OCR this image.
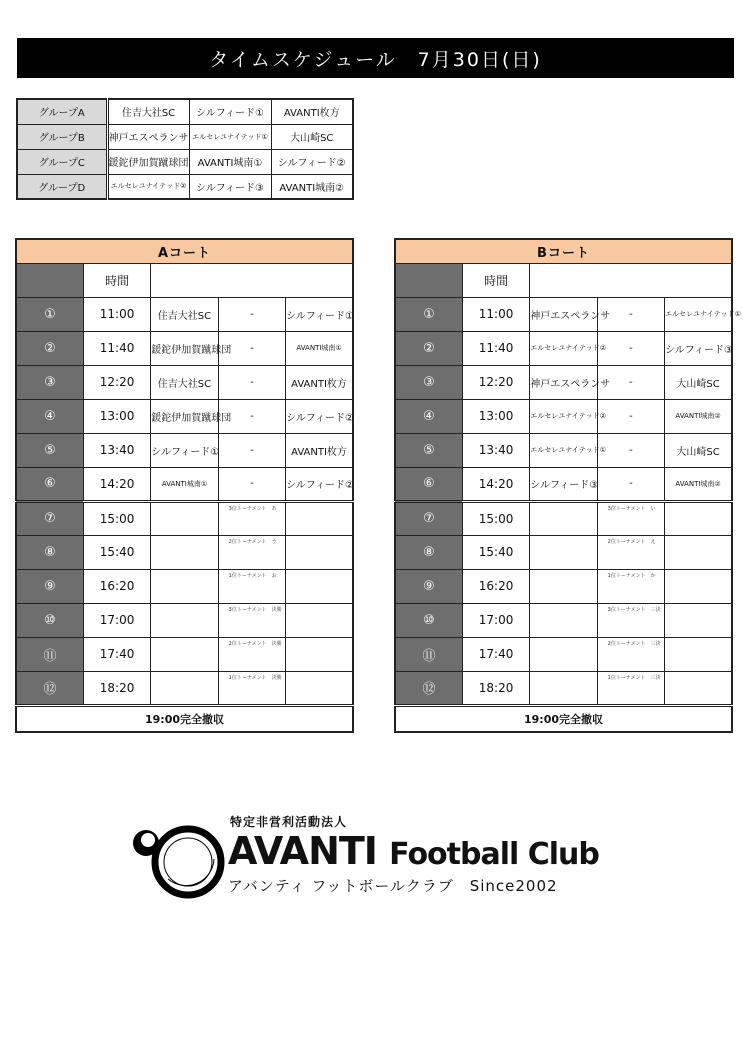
タイムスケジュール　7月30日(日)
グループA	住吉大社SC	シルフィード①	AVANTI枚方
グループB	神戸エスペランサ	エルセレユナイテッド①	大山崎SC
グループC	鍰鉈伊加賀蹴球団	AVANTI城南①	シルフィード②
グループD	エルセレユナイテッド②	シルフィード③	AVANTI城南②
Aコート				
	時間			
①	11:00	住吉大社SC	-	シルフィード①
②	11:40	鍰鉈伊加賀蹴球団	-	AVANTI城南①
③	12:20	住吉大社SC	-	AVANTI枚方
④	13:00	鍰鉈伊加賀蹴球団	-	シルフィード②
⑤	13:40	シルフィード①	-	AVANTI枚方
⑥	14:20	AVANTI城南①	-	シルフィード②
⑦	15:00		3位トーナメント　あ	

⑧	15:40		2位トーナメント　う	

⑨	16:20		1位トーナメント　お	

⑩	17:00		3位トーナメント　決勝	

⑪	17:40		2位トーナメント　決勝	

⑫	18:20		1位トーナメント　決勝	

19:00完全撤収				
Bコート				
	時間			
①	11:00	神戸エスペランサ	-	エルセレユナイテッド①
②	11:40	エルセレユナイテッド②	-	シルフィード③
③	12:20	神戸エスペランサ	-	大山崎SC
④	13:00	エルセレユナイテッド②	-	AVANTI城南②
⑤	13:40	エルセレユナイテッド①	-	大山崎SC
⑥	14:20	シルフィード③	-	AVANTI城南②
⑦	15:00		3位トーナメント　い	

⑧	15:40		2位トーナメント　え	

⑨	16:20		1位トーナメント　か	

⑩	17:00		3位トーナメント　三決	

⑪	17:40		2位トーナメント　三決	

⑫	18:20		1位トーナメント　三決	

19:00完全撤収				
特定非営利活動法人
AVANTI Football Club
アバンティ フットボールクラブ　Since2002
